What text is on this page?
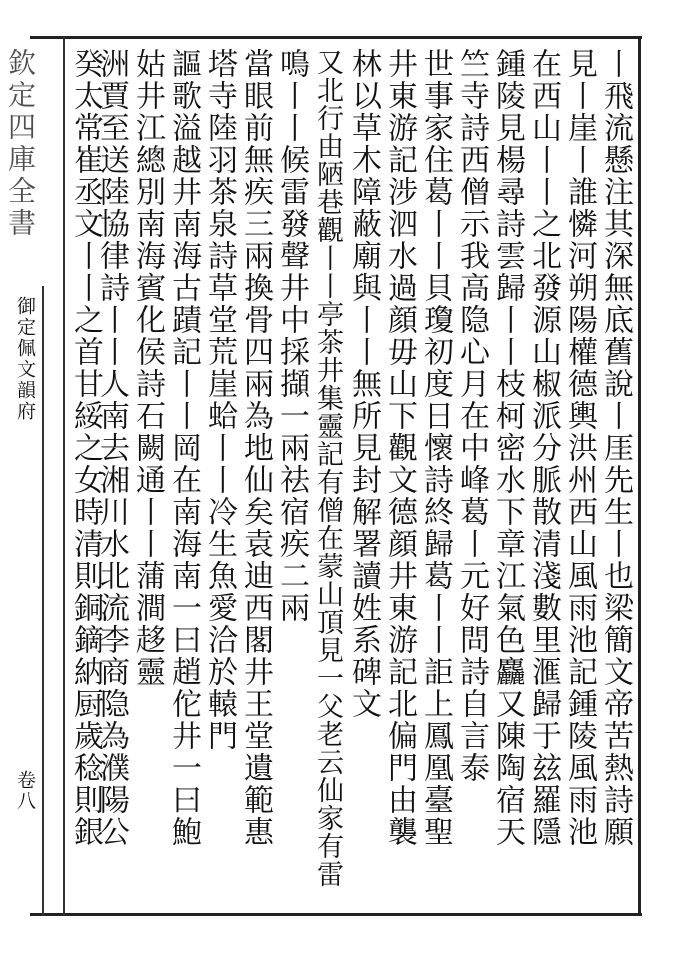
欽定四庫全書
御定佩文韻府
卷八	丨飛流懸注其深無底舊說丨厓先生丨也梁簡文帝苦熱詩願
見丨崖丨誰憐河朔陽權德輿洪州西山風雨池記鍾陵風雨池
在西山丨丨之北發源山椒派分脈散清淺數里滙歸于玆羅隱
鍾陵見楊尋詩雲歸丨丨枝柯密水下章江氣色麤又陳陶宿天
竺寺詩西僧示我高隐心月在中峰葛丨元好問詩自言泰
世事家住葛丨丨貝瓊初度日懷詩終歸葛丨丨詎上鳳凰臺聖
井東游記涉泗水過顔毋山下觀文德顔井東游記北偏門由襲
林以草木障蔽廟與丨丨無所見封解署讀姓系碑文
又北行由陋巷觀丨丨亭茶井集靈記有僧在蒙山頂見一父老云仙家有雷
鳴丨丨候雷發聲井中採擷一兩祛宿疾二兩
當眼前無疾三兩換骨四兩為地仙矣袁迪西閣井王堂遺範惠
塔寺陸羽茶泉詩草堂荒崖蛤丨丨冷生魚愛洽於轅門
謳歌溢越井南海古蹟記丨丨岡在南海南一曰趙佗井一曰鮑
姑井江總別南海賓化侯詩石闕通丨丨蒲澗趍靈
洲賈至送陸協律詩丨丨人南去湘川水北流李商隐為濮陽公
癸太常崔丞文丨丨之首甘綏之女時清則銅鏑納厨歲稔則銀
